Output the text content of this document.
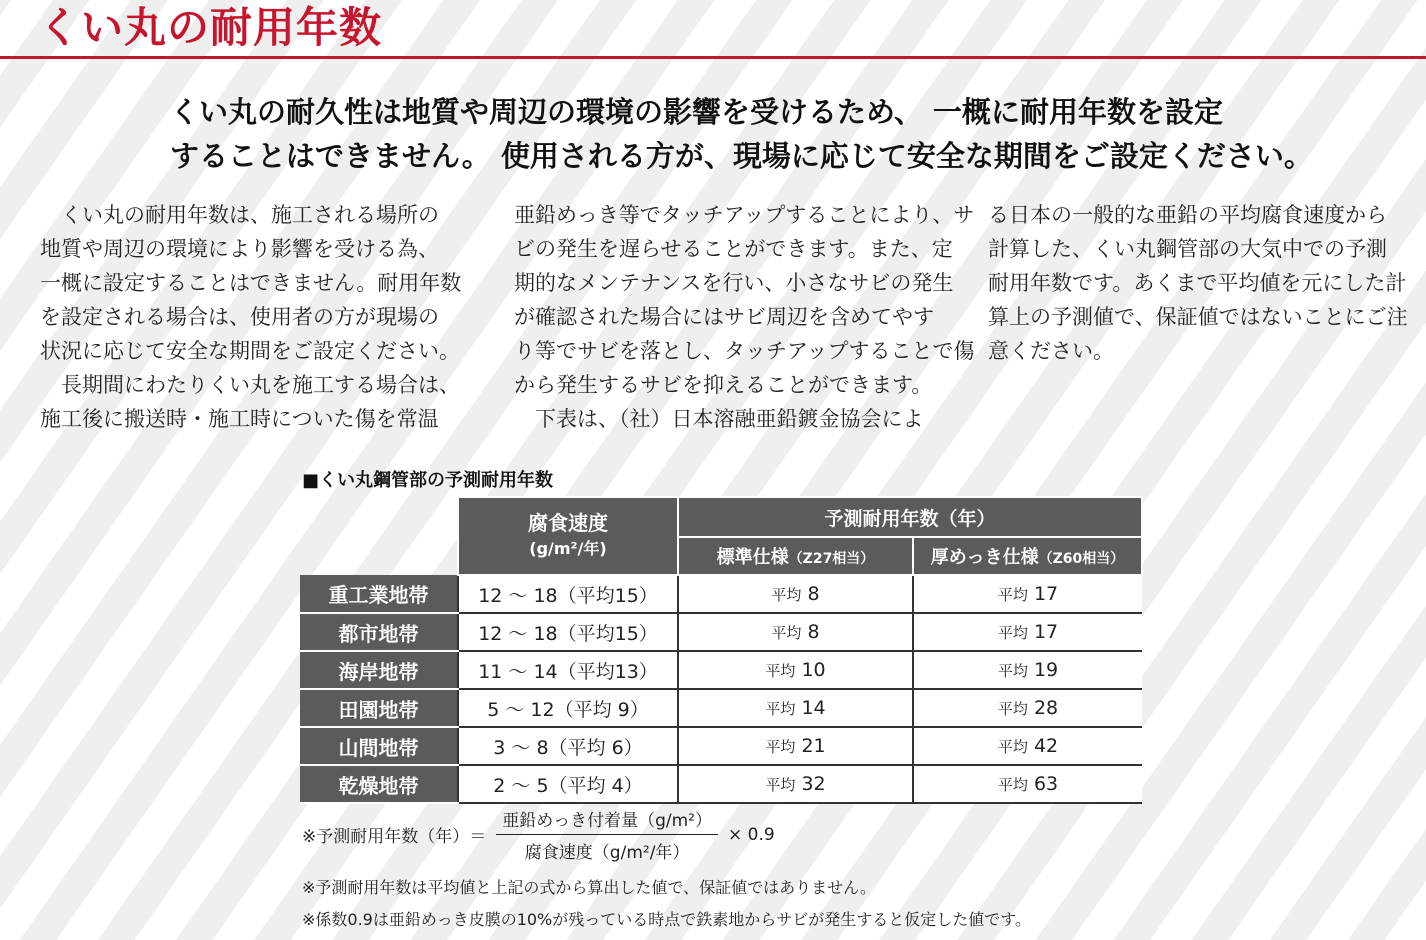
くい丸の耐用年数

くい丸の耐久性は地質や周辺の環境の影響を受けるため、 一概に耐用年数を設定

することはできません。 使用される方が、現場に応じて安全な期間をご設定ください。

　くい丸の耐用年数は、施工される場所の

地質や周辺の環境により影響を受ける為、

一概に設定することはできません。耐用年数

を設定される場合は、使用者の方が現場の

状況に応じて安全な期間をご設定ください。

　長期間にわたりくい丸を施工する場合は、

施工後に搬送時・施工時についた傷を常温

亜鉛めっき等でタッチアップすることにより、サ

ビの発生を遅らせることができます。また、定

期的なメンテナンスを行い、小さなサビの発生

が確認された場合にはサビ周辺を含めてやす

り等でサビを落とし、タッチアップすることで傷

から発生するサビを抑えることができます。

　下表は、（社）日本溶融亜鉛鍍金協会によ

る日本の一般的な亜鉛の平均腐食速度から

計算した、くい丸鋼管部の大気中での予測

耐用年数です。あくまで平均値を元にした計

算上の予測値で、保証値ではないことにご注

意ください。

■くい丸鋼管部の予測耐用年数

	腐食速度
(g/m²/年)	予測耐用年数（年）	
		標準仕様（Z27相当）	厚めっき仕様（Z60相当）
重工業地帯	12 ～ 18（平均15）	平均 8	平均 17
都市地帯	12 ～ 18（平均15）	平均 8	平均 17
海岸地帯	11 ～ 14（平均13）	平均 10	平均 19
田園地帯	5 ～ 12（平均 9）	平均 14	平均 28
山間地帯	3 ～ 8（平均 6）	平均 21	平均 42
乾燥地帯	2 ～ 5（平均 4）	平均 32	平均 63
※予測耐用年数（年）＝ $\frac{\text{亜鉛めっき付着量（g/m²）}}{\text{腐食速度（g/m²/年）}} \times 0.9$

※予測耐用年数は平均値と上記の式から算出した値で、保証値ではありません。

※係数0.9は亜鉛めっき皮膜の10%が残っている時点で鉄素地からサビが発生すると仮定した値です。
